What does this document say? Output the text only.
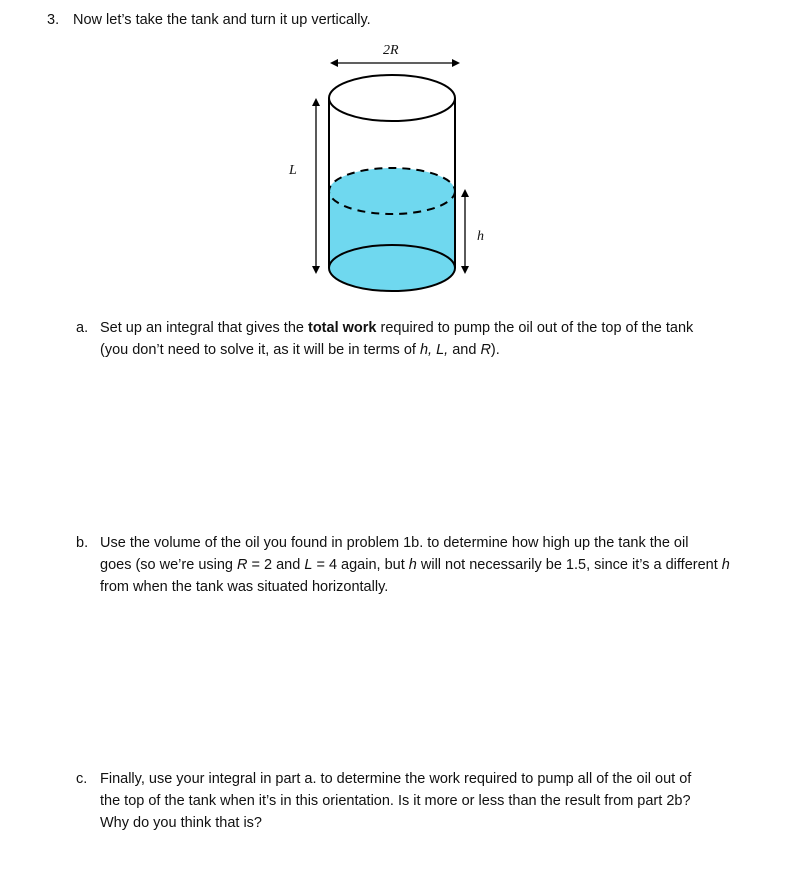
3. Now let’s take the tank and turn it up vertically.
2R
L
h
a. Set up an integral that gives the total work required to pump the oil out of the top of the tank
(you don’t need to solve it, as it will be in terms of h, L, and R).
b. Use the volume of the oil you found in problem 1b. to determine how high up the tank the oil
goes (so we’re using R = 2 and L = 4 again, but h will not necessarily be 1.5, since it’s a different h
from when the tank was situated horizontally.
c. Finally, use your integral in part a. to determine the work required to pump all of the oil out of
the top of the tank when it’s in this orientation. Is it more or less than the result from part 2b?
Why do you think that is?
